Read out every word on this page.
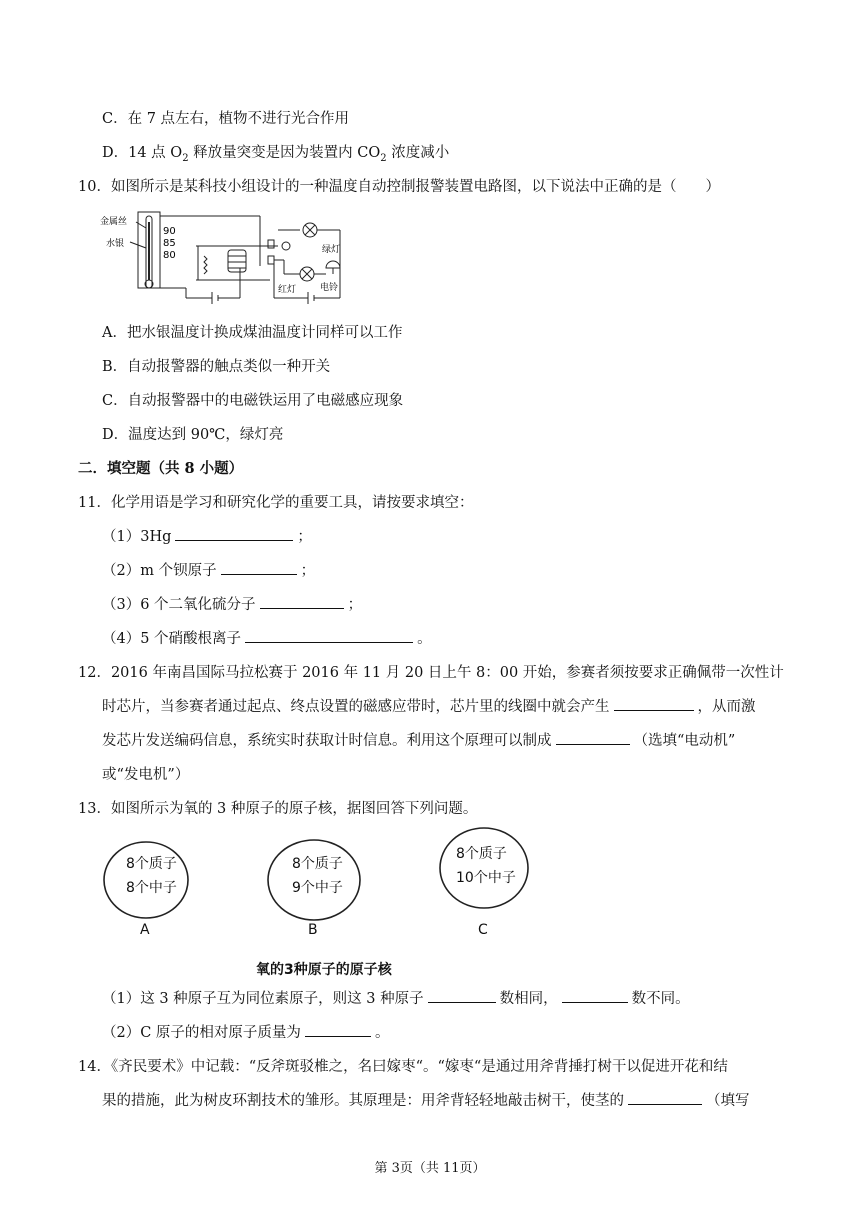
C．在 7 点左右，植物不进行光合作用
D．14 点 $O_2$ 释放量突变是因为装置内 $CO_2$ 浓度减小
10．如图所示是某科技小组设计的一种温度自动控制报警装置电路图，以下说法中正确的是（　　）
金属丝
水银
90
85
80	绿灯
红灯	电铃
A．把水银温度计换成煤油温度计同样可以工作
B．自动报警器的触点类似一种开关
C．自动报警器中的电磁铁运用了电磁感应现象
D．温度达到 90℃，绿灯亮
二．填空题（共 8 小题）
11．化学用语是学习和研究化学的重要工具，请按要求填空：
（1）3Hg	；
（2）m 个钡原子	；
（3）6 个二氧化硫分子	；
（4）5 个硝酸根离子	。
12．2016 年南昌国际马拉松赛于 2016 年 11 月 20 日上午 8：00 开始，参赛者须按要求正确佩带一次性计
时芯片，当参赛者通过起点、终点设置的磁感应带时，芯片里的线圈中就会产生	，从而激
发芯片发送编码信息，系统实时获取计时信息。利用这个原理可以制成	（选填“电动机”
或“发电机”）
13．如图所示为氧的 3 种原子的原子核，据图回答下列问题。
8个质子
8个中子
8个质子
9个中子
8个质子
10个中子
A	B	C
氧的3种原子的原子核
（1）这 3 种原子互为同位素原子，则这 3 种原子	数相同，	数不同。
（2）C 原子的相对原子质量为	。
14．《齐民要术》中记载：“反斧斑驳椎之，名曰嫁枣“。“嫁枣“是通过用斧背捶打树干以促进开花和结
果的措施，此为树皮环割技术的雏形。其原理是：用斧背轻轻地敲击树干，使茎的	（填写
第 3页（共 11页）
